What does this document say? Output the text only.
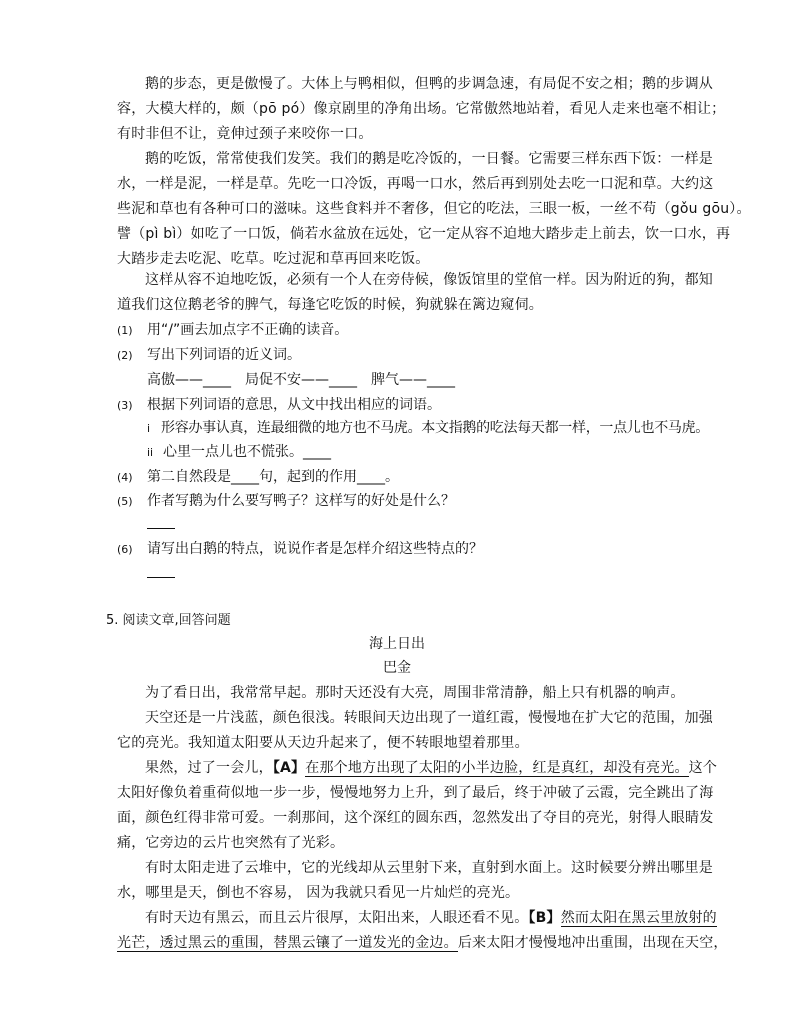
鹅的步态，更是傲慢了。大体上与鸭相似，但鸭的步调急速，有局促不安之相；鹅的步调从
容，大模大样的，颇（pō pó）像京剧里的净角出场。它常傲然地站着，看见人走来也毫不相让；
有时非但不让，竟伸过颈子来咬你一口。
鹅的吃饭，常常使我们发笑。我们的鹅是吃冷饭的，一日餐。它需要三样东西下饭：一样是
水，一样是泥，一样是草。先吃一口冷饭，再喝一口水，然后再到别处去吃一口泥和草。大约这
些泥和草也有各种可口的滋味。这些食料并不奢侈，但它的吃法，三眼一板，一丝不苟（gǒu gōu）。
譬（pì bì）如吃了一口饭，倘若水盆放在远处，它一定从容不迫地大踏步走上前去，饮一口水，再
大踏步走去吃泥、吃草。吃过泥和草再回来吃饭。
这样从容不迫地吃饭，必须有一个人在旁侍候，像饭馆里的堂倌一样。因为附近的狗，都知
道我们这位鹅老爷的脾气，每逢它吃饭的时候，狗就躲在篱边窥伺。
(1) 用“/”画去加点字不正确的读音。
(2) 写出下列词语的近义词。
高傲——____　局促不安——____　脾气——____
(3) 根据下列词语的意思，从文中找出相应的词语。
i 形容办事认真，连最细微的地方也不马虎。本文指鹅的吃法每天都一样，一点儿也不马虎。
ii 心里一点儿也不慌张。____
(4) 第二自然段是____句，起到的作用____。
(5) 作者写鹅为什么要写鸭子？这样写的好处是什么？
(6) 请写出白鹅的特点，说说作者是怎样介绍这些特点的？
5. 阅读文章,回答问题
海上日出
巴金
为了看日出，我常常早起。那时天还没有大亮，周围非常清静，船上只有机器的响声。
天空还是一片浅蓝，颜色很浅。转眼间天边出现了一道红霞，慢慢地在扩大它的范围，加强
它的亮光。我知道太阳要从天边升起来了，便不转眼地望着那里。
果然，过了一会儿，【A】在那个地方出现了太阳的小半边脸，红是真红，却没有亮光。这个
太阳好像负着重荷似地一步一步，慢慢地努力上升，到了最后，终于冲破了云霞，完全跳出了海
面，颜色红得非常可爱。一刹那间，这个深红的圆东西，忽然发出了夺目的亮光，射得人眼睛发
痛，它旁边的云片也突然有了光彩。
有时太阳走进了云堆中，它的光线却从云里射下来，直射到水面上。这时候要分辨出哪里是
水，哪里是天，倒也不容易， 因为我就只看见一片灿烂的亮光。
有时天边有黑云，而且云片很厚，太阳出来，人眼还看不见。【B】然而太阳在黑云里放射的
光芒，透过黑云的重围，替黑云镶了一道发光的金边。后来太阳才慢慢地冲出重围，出现在天空，
